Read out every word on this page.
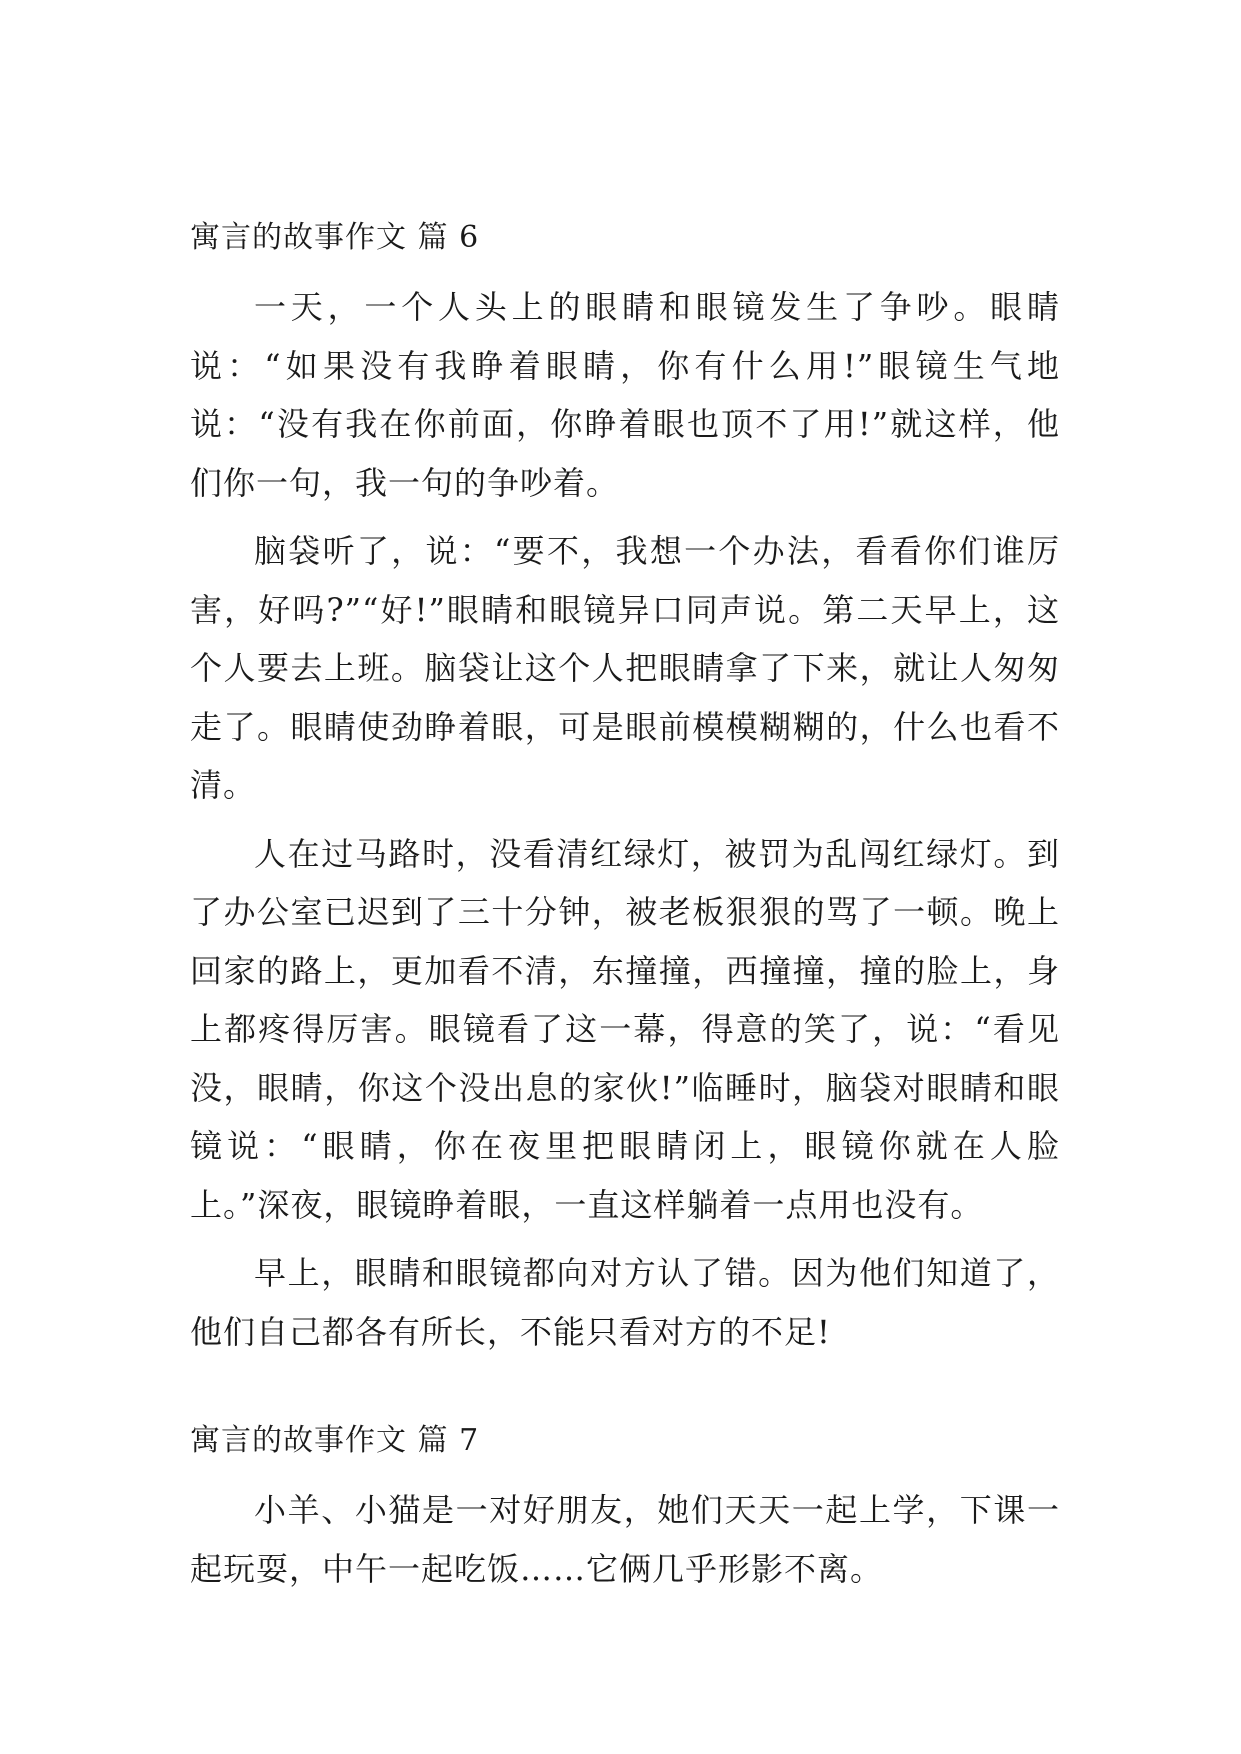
寓言的故事作文 篇 6

一天，一个人头上的眼睛和眼镜发生了争吵。眼睛说：“如果没有我睁着眼睛，你有什么用!”眼镜生气地说：“没有我在你前面，你睁着眼也顶不了用!”就这样，他们你一句，我一句的争吵着。

脑袋听了，说：“要不，我想一个办法，看看你们谁厉害，好吗?”“好!”眼睛和眼镜异口同声说。第二天早上，这个人要去上班。脑袋让这个人把眼睛拿了下来，就让人匆匆走了。眼睛使劲睁着眼，可是眼前模模糊糊的，什么也看不清。

人在过马路时，没看清红绿灯，被罚为乱闯红绿灯。到了办公室已迟到了三十分钟，被老板狠狠的骂了一顿。晚上回家的路上，更加看不清，东撞撞，西撞撞，撞的脸上，身上都疼得厉害。眼镜看了这一幕，得意的笑了，说：“看见没，眼睛，你这个没出息的家伙!”临睡时，脑袋对眼睛和眼镜说：“眼睛，你在夜里把眼睛闭上，眼镜你就在人脸上。”深夜，眼镜睁着眼，一直这样躺着一点用也没有。

早上，眼睛和眼镜都向对方认了错。因为他们知道了，他们自己都各有所长，不能只看对方的不足!

寓言的故事作文 篇 7

小羊、小猫是一对好朋友，她们天天一起上学，下课一起玩耍，中午一起吃饭……它俩几乎形影不离。
